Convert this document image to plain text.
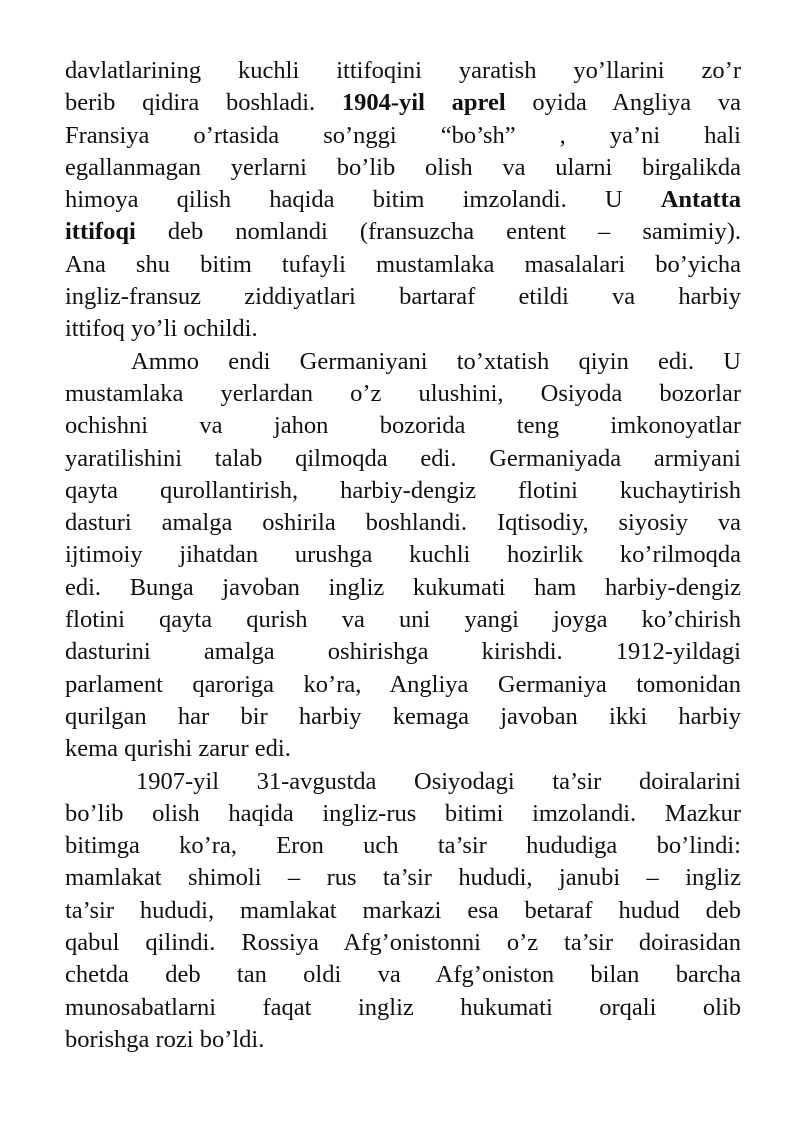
davlatlarining kuchli ittifoqini yaratish yo’llarini zo’r
berib qidira boshladi. 1904-yil aprel oyida Angliya va
Fransiya o’rtasida so’nggi “bo’sh” , ya’ni hali
egallanmagan yerlarni bo’lib olish va ularni birgalikda
himoya qilish haqida bitim imzolandi. U Antatta
ittifoqi deb nomlandi (fransuzcha entent – samimiy).
Ana shu bitim tufayli mustamlaka masalalari bo’yicha
ingliz-fransuz ziddiyatlari bartaraf etildi va harbiy
ittifoq yo’li ochildi.
Ammo endi Germaniyani to’xtatish qiyin edi. U
mustamlaka yerlardan o’z ulushini, Osiyoda bozorlar
ochishni va jahon bozorida teng imkonoyatlar
yaratilishini talab qilmoqda edi. Germaniyada armiyani
qayta qurollantirish, harbiy-dengiz flotini kuchaytirish
dasturi amalga oshirila boshlandi. Iqtisodiy, siyosiy va
ijtimoiy jihatdan urushga kuchli hozirlik ko’rilmoqda
edi. Bunga javoban ingliz kukumati ham harbiy-dengiz
flotini qayta qurish va uni yangi joyga ko’chirish
dasturini amalga oshirishga kirishdi. 1912-yildagi
parlament qaroriga ko’ra, Angliya Germaniya tomonidan
qurilgan har bir harbiy kemaga javoban ikki harbiy
kema qurishi zarur edi.
1907-yil 31-avgustda Osiyodagi ta’sir doiralarini
bo’lib olish haqida ingliz-rus bitimi imzolandi. Mazkur
bitimga ko’ra, Eron uch ta’sir hududiga bo’lindi:
mamlakat shimoli – rus ta’sir hududi, janubi – ingliz
ta’sir hududi, mamlakat markazi esa betaraf hudud deb
qabul qilindi. Rossiya Afg’onistonni o’z ta’sir doirasidan
chetda deb tan oldi va Afg’oniston bilan barcha
munosabatlarni faqat ingliz hukumati orqali olib
borishga rozi bo’ldi.
